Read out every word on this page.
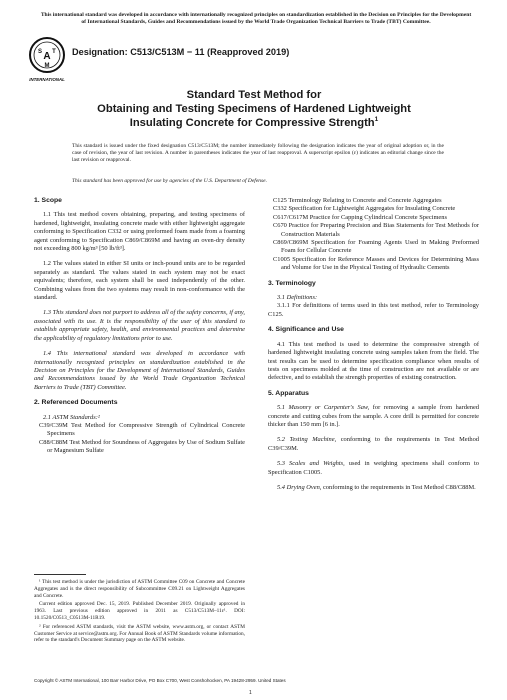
This international standard was developed in accordance with internationally recognized principles on standardization established in the Decision on Principles for the Development of International Standards, Guides and Recommendations issued by the World Trade Organization Technical Barriers to Trade (TBT) Committee.
A
S T
M
INTERNATIONAL
Designation: C513/C513M − 11 (Reapproved 2019)
Standard Test Method for
Obtaining and Testing Specimens of Hardened Lightweight
Insulating Concrete for Compressive Strength$^1$
This standard is issued under the fixed designation C513/C513M; the number immediately following the designation indicates the year of original adoption or, in the case of revision, the year of last revision. A number in parentheses indicates the year of last reapproval. A superscript epsilon (ε) indicates an editorial change since the last revision or reapproval.
This standard has been approved for use by agencies of the U.S. Department of Defense.

1. Scope

1.1 This test method covers obtaining, preparing, and testing specimens of hardened, lightweight, insulating concrete made with either lightweight aggregate conforming to Specification C332 or using preformed foam made from a foaming agent conforming to Specification C869/C869M and having an oven-dry density not exceeding 800 kg/m³ [50 lb/ft³].

1.2 The values stated in either SI units or inch-pound units are to be regarded separately as standard. The values stated in each system may not be exact equivalents; therefore, each system shall be used independently of the other. Combining values from the two systems may result in non-conformance with the standard.

1.3 This standard does not purport to address all of the safety concerns, if any, associated with its use. It is the responsibility of the user of this standard to establish appropriate safety, health, and environmental practices and determine the applicability of regulatory limitations prior to use.

1.4 This international standard was developed in accordance with internationally recognized principles on standardization established in the Decision on Principles for the Development of International Standards, Guides and Recommendations issued by the World Trade Organization Technical Barriers to Trade (TBT) Committee.

2. Referenced Documents

2.1 ASTM Standards:²

C39/C39M Test Method for Compressive Strength of Cylindrical Concrete Specimens

C88/C88M Test Method for Soundness of Aggregates by Use of Sodium Sulfate or Magnesium Sulfate

¹ This test method is under the jurisdiction of ASTM Committee C09 on Concrete and Concrete Aggregates and is the direct responsibility of Subcommittee C09.21 on Lightweight Aggregates and Concrete.

Current edition approved Dec. 15, 2019. Published December 2019. Originally approved in 1963. Last previous edition approved in 2011 as C513/C513M–11ε¹. DOI: 10.1520/C0513_C0513M-11R19.

² For referenced ASTM standards, visit the ASTM website, www.astm.org, or contact ASTM Customer Service at service@astm.org. For Annual Book of ASTM Standards volume information, refer to the standard's Document Summary page on the ASTM website.

C125 Terminology Relating to Concrete and Concrete Aggregates

C332 Specification for Lightweight Aggregates for Insulating Concrete

C617/C617M Practice for Capping Cylindrical Concrete Specimens

C670 Practice for Preparing Precision and Bias Statements for Test Methods for Construction Materials

C869/C869M Specification for Foaming Agents Used in Making Preformed Foam for Cellular Concrete

C1005 Specification for Reference Masses and Devices for Determining Mass and Volume for Use in the Physical Testing of Hydraulic Cements

3. Terminology

3.1 Definitions:

3.1.1 For definitions of terms used in this test method, refer to Terminology C125.

4. Significance and Use

4.1 This test method is used to determine the compressive strength of hardened lightweight insulating concrete using samples taken from the field. The test results can be used to determine specification compliance when results of tests on specimens molded at the time of construction are not available or are defective, and to establish the strength properties of existing construction.

5. Apparatus

5.1 Masonry or Carpenter's Saw, for removing a sample from hardened concrete and cutting cubes from the sample. A core drill is permitted for concrete thicker than 150 mm [6 in.].

5.2 Testing Machine, conforming to the requirements in Test Method C39/C39M.

5.3 Scales and Weights, used in weighing specimens shall conform to Specification C1005.

5.4 Drying Oven, conforming to the requirements in Test Method C88/C88M.

Copyright © ASTM International, 100 Barr Harbor Drive, PO Box C700, West Conshohocken, PA 19428-2959. United States
1
